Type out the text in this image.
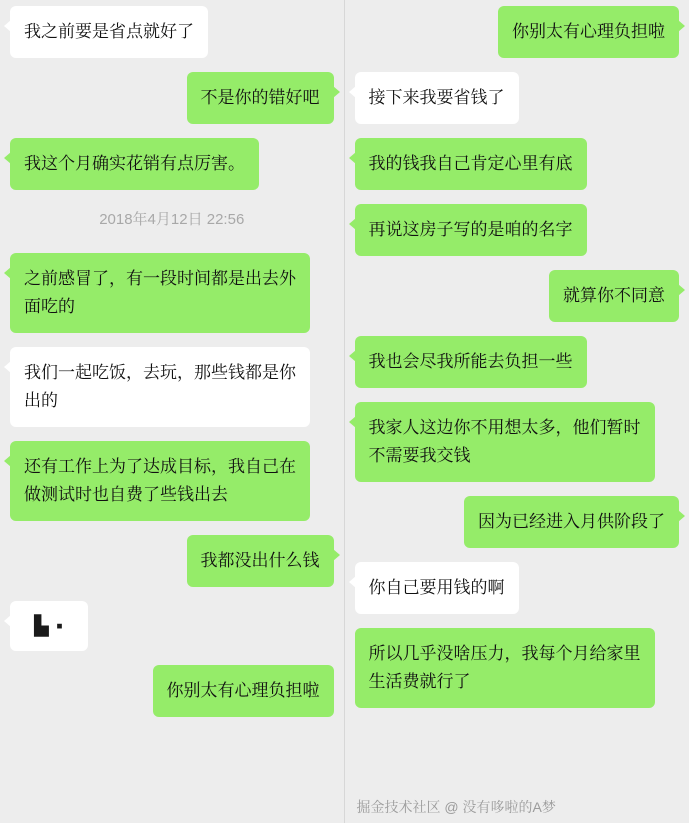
我之前要是省点就好了
不是你的错好吧
我这个月确实花销有点厉害。
2018年4月12日 22:56
之前感冒了，有一段时间都是出去外面吃的
我们一起吃饭，去玩，那些钱都是你出的
还有工作上为了达成目标，我自己在做测试时也自费了些钱出去
我都没出什么钱
▙ ▪
你别太有心理负担啦
你别太有心理负担啦
接下来我要省钱了
我的钱我自己肯定心里有底
再说这房子写的是咱的名字
就算你不同意
我也会尽我所能去负担一些
我家人这边你不用想太多，他们暂时不需要我交钱
因为已经进入月供阶段了
你自己要用钱的啊
所以几乎没啥压力，我每个月给家里生活费就行了
掘金技术社区 @ 没有哆啦的A梦
